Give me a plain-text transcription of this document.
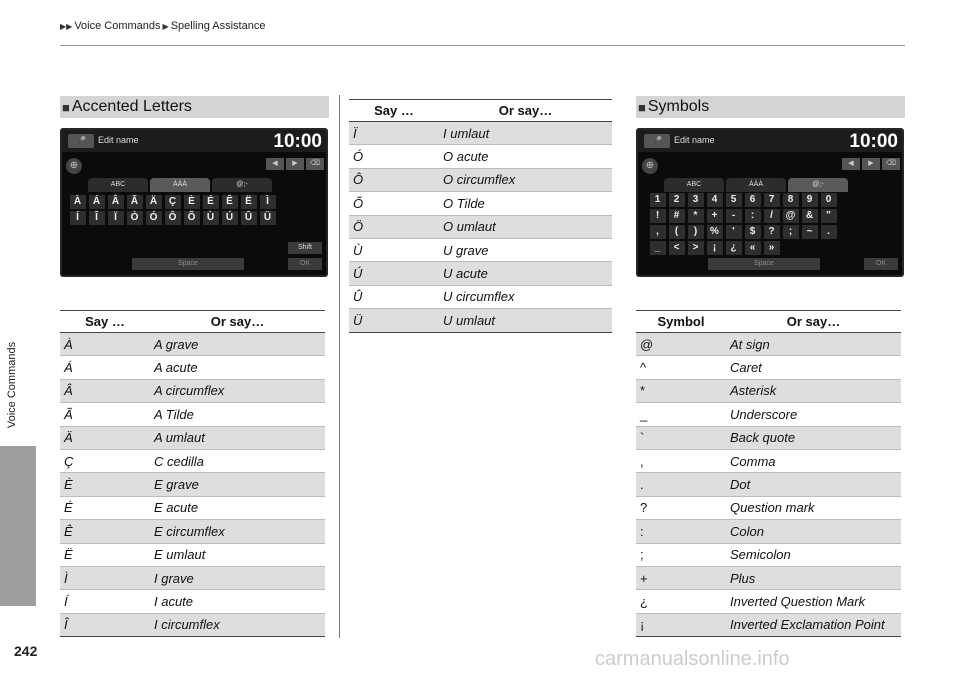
▶▶ Voice Commands ▶ Spelling Assistance
Voice Commands
242
■ Accented Letters
🎤	Edit name	10:00
⊕	◀	▶	⌫
ABC	ÀÀÀ	@;-
À	Á	Â	Ã	Ä	Ç	È	É	Ê	Ë	Ì
Í	Î	Ï	Ò	Ó	Ô	Õ	Ù	Ú	Û	Ü
Shift
Space	OK
Say …	Or say…
À	A grave
Á	A acute
Â	A circumflex
Ã	A Tilde
Ä	A umlaut
Ç	C cedilla
È	E grave
É	E acute
Ê	E circumflex
Ë	E umlaut
Ì	I grave
Í	I acute
Î	I circumflex
Say …	Or say…
Ï	I umlaut
Ó	O acute
Ô	O circumflex
Õ	O Tilde
Ö	O umlaut
Ù	U grave
Ú	U acute
Û	U circumflex
Ü	U umlaut
■ Symbols
🎤	Edit name	10:00
⊕	◀	▶	⌫
ABC	ÀÀÀ	@;-
1	2	3	4	5	6	7	8	9	0
!	#	*	+	-	:	/	@	&	"
,	(	)	%	'	$	?	;	~	.
_	<	>	¡	¿	«	»
Space	OK
Symbol	Or say…
@	At sign
^	Caret
*	Asterisk
_	Underscore
`	Back quote
,	Comma
.	Dot
?	Question mark
:	Colon
;	Semicolon
+	Plus
¿	Inverted Question Mark
¡	Inverted Exclamation Point
carmanualsonline.info
